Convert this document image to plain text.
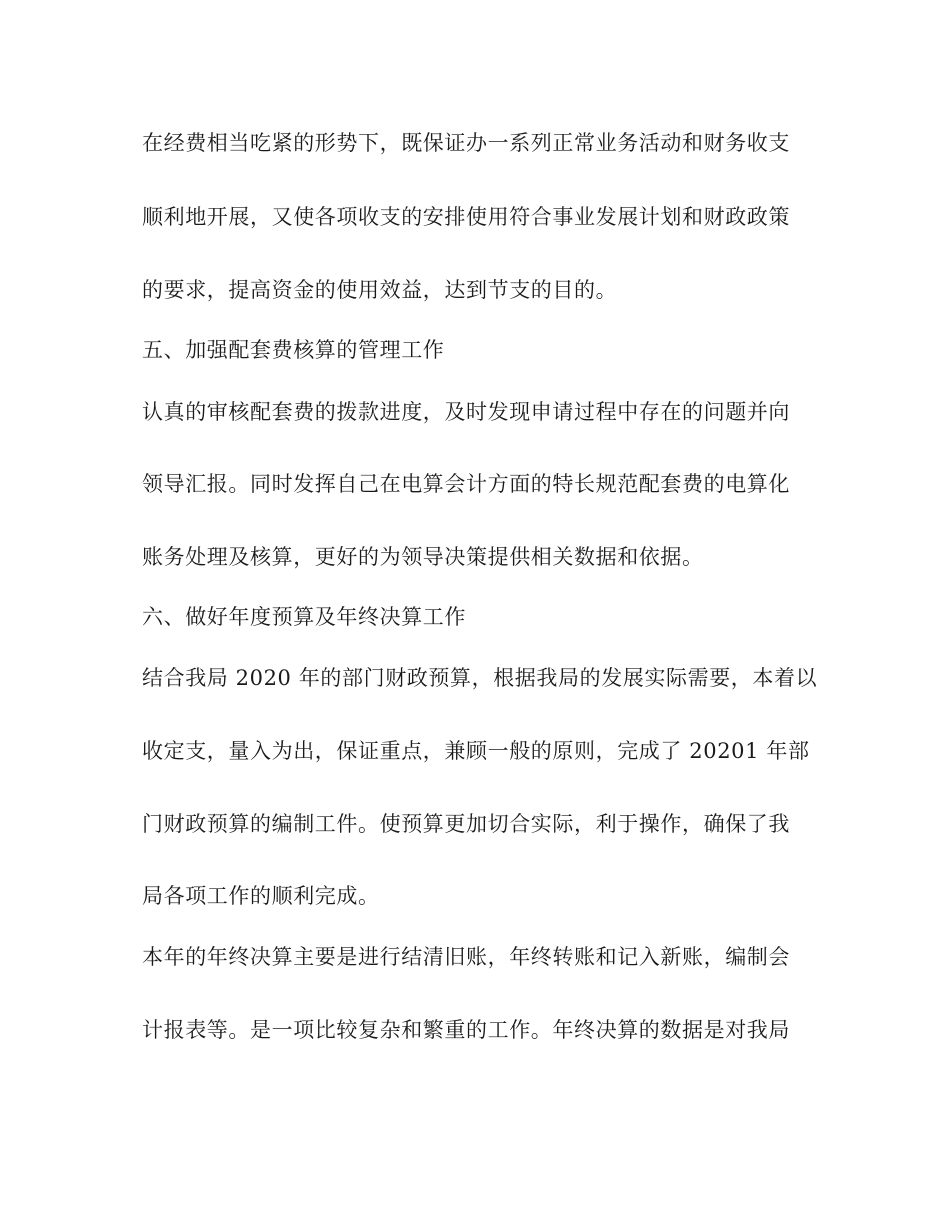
在经费相当吃紧的形势下，既保证办一系列正常业务活动和财务收支
顺利地开展，又使各项收支的安排使用符合事业发展计划和财政政策
的要求，提高资金的使用效益，达到节支的目的。
五、加强配套费核算的管理工作
认真的审核配套费的拨款进度，及时发现申请过程中存在的问题并向
领导汇报。同时发挥自己在电算会计方面的特长规范配套费的电算化
账务处理及核算，更好的为领导决策提供相关数据和依据。
六、做好年度预算及年终决算工作
结合我局 2020 年的部门财政预算，根据我局的发展实际需要，本着以
收定支，量入为出，保证重点，兼顾一般的原则，完成了 20201 年部
门财政预算的编制工件。使预算更加切合实际，利于操作，确保了我
局各项工作的顺利完成。
本年的年终决算主要是进行结清旧账，年终转账和记入新账，编制会
计报表等。是一项比较复杂和繁重的工作。年终决算的数据是对我局
